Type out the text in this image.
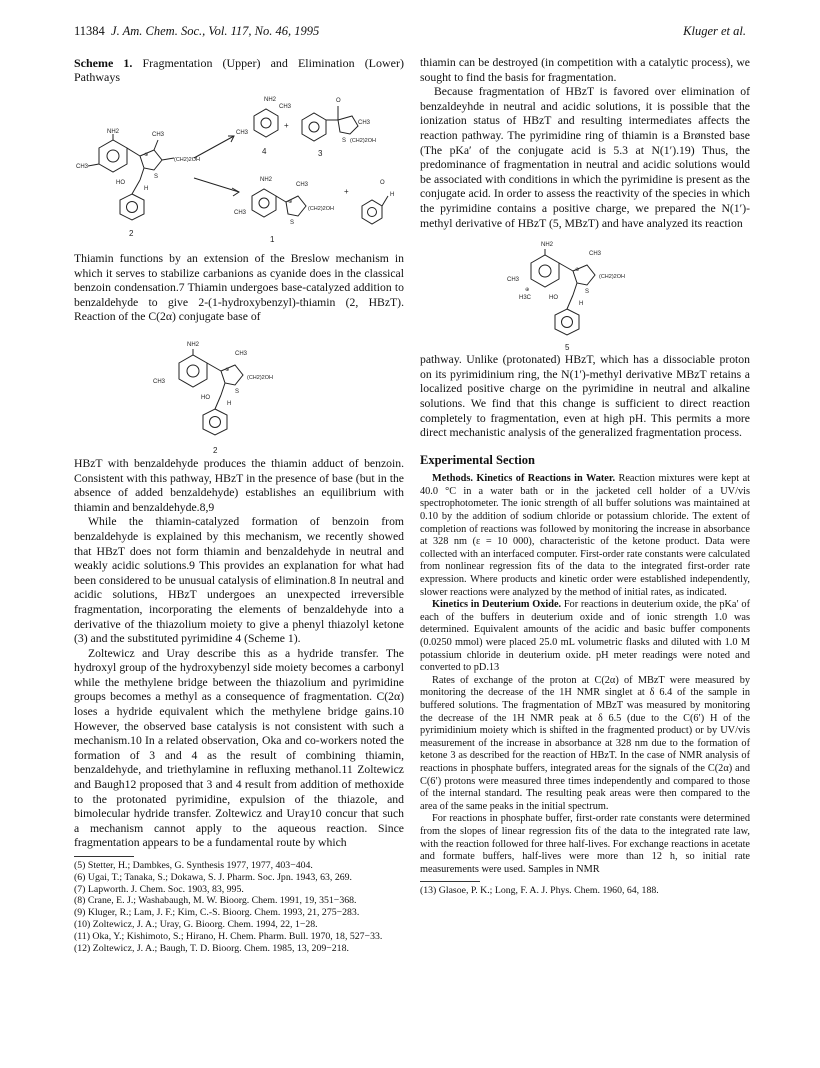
11384 J. Am. Chem. Soc., Vol. 117, No. 46, 1995	Kluger et al.
Scheme 1. Fragmentation (Upper) and Elimination (Lower) Pathways
NH2
CH3
⊕
CH3
(CH2)2OH
S
HO
H
2
NH2
CH3
CH3
+
4
O
CH3
(CH2)2OH
S
3
NH2
CH3
⊕
CH3
(CH2)2OH
S
+
1
O
H

Thiamin functions by an extension of the Breslow mechanism in which it serves to stabilize carbanions as cyanide does in the classical benzoin condensation.7 Thiamin undergoes base-catalyzed addition to benzaldehyde to give 2-(1-hydroxybenzyl)-thiamin (2, HBzT). Reaction of the C(2α) conjugate base of

NH2
CH3
⊕
CH3
(CH2)2OH
S
HO
H
2

HBzT with benzaldehyde produces the thiamin adduct of benzoin. Consistent with this pathway, HBzT in the presence of base (but in the absence of added benzaldehyde) establishes an equilibrium with thiamin and benzaldehyde.8,9

While the thiamin-catalyzed formation of benzoin from benzaldehyde is explained by this mechanism, we recently showed that HBzT does not form thiamin and benzaldehyde in neutral and weakly acidic solutions.9 This provides an explanation for what had been considered to be unusual catalysis of elimination.8 In neutral and acidic solutions, HBzT undergoes an unexpected irreversible fragmentation, incorporating the elements of benzaldehyde into a derivative of the thiazolium moiety to give a phenyl thiazolyl ketone (3) and the substituted pyrimidine 4 (Scheme 1).

Zoltewicz and Uray describe this as a hydride transfer. The hydroxyl group of the hydroxybenzyl side moiety becomes a carbonyl while the methylene bridge between the thiazolium and pyrimidine groups becomes a methyl as a consequence of fragmentation. C(2α) loses a hydride equivalent which the methylene bridge gains.10 However, the observed base catalysis is not consistent with such a mechanism.10 In a related observation, Oka and co-workers noted the formation of 3 and 4 as the result of combining thiamin, benzaldehyde, and triethylamine in refluxing methanol.11 Zoltewicz and Baugh12 proposed that 3 and 4 result from addition of methoxide to the protonated pyrimidine, expulsion of the thiazole, and bimolecular hydride transfer. Zoltewicz and Uray10 concur that such a mechanism cannot apply to the aqueous reaction. Since fragmentation appears to be a fundamental route by which

(5) Stetter, H.; Dambkes, G. Synthesis 1977, 1977, 403−404.
(6) Ugai, T.; Tanaka, S.; Dokawa, S. J. Pharm. Soc. Jpn. 1943, 63, 269.
(7) Lapworth. J. Chem. Soc. 1903, 83, 995.
(8) Crane, E. J.; Washabaugh, M. W. Bioorg. Chem. 1991, 19, 351−368.
(9) Kluger, R.; Lam, J. F.; Kim, C.-S. Bioorg. Chem. 1993, 21, 275−283.
(10) Zoltewicz, J. A.; Uray, G. Bioorg. Chem. 1994, 22, 1−28.
(11) Oka, Y.; Kishimoto, S.; Hirano, H. Chem. Pharm. Bull. 1970, 18, 527−33.
(12) Zoltewicz, J. A.; Baugh, T. D. Bioorg. Chem. 1985, 13, 209−218.

thiamin can be destroyed (in competition with a catalytic process), we sought to find the basis for fragmentation.

Because fragmentation of HBzT is favored over elimination of benzaldeyhde in neutral and acidic solutions, it is possible that the ionization status of HBzT and resulting intermediates affects the reaction pathway. The pyrimidine ring of thiamin is a Brønsted base (The pKa′ of the conjugate acid is 5.3 at N(1′).19) Thus, the predominance of fragmentation in neutral and acidic solutions would be associated with conditions in which the pyrimidine is present as the conjugate acid. In order to assess the reactivity of the species in which the pyrimidine contains a positive charge, we prepared the N(1′)-methyl derivative of HBzT (5, MBzT) and have analyzed its reaction

NH2
CH3
⊕
H3C
⊕
CH3
(CH2)2OH
S
HO
H
5

pathway. Unlike (protonated) HBzT, which has a dissociable proton on its pyrimidinium ring, the N(1′)-methyl derivative MBzT retains a localized positive charge on the pyrimidine in neutral and alkaline solutions. We find that this change is sufficient to direct reaction completely to fragmentation, even at high pH. This permits a more direct mechanistic analysis of the generalized fragmentation process.

Experimental Section

Methods. Kinetics of Reactions in Water. Reaction mixtures were kept at 40.0 °C in a water bath or in the jacketed cell holder of a UV/vis spectrophotometer. The ionic strength of all buffer solutions was maintained at 0.10 by the addition of sodium chloride or potassium chloride. The extent of completion of reactions was followed by monitoring the increase in absorbance at 328 nm (ε = 10 000), characteristic of the ketone product. Data were collected with an interfaced computer. First-order rate constants were calculated from nonlinear regression fits of the data to the integrated first-order rate expression. Where products and kinetic order were established independently, slower reactions were analyzed by the method of initial rates, as indicated.

Kinetics in Deuterium Oxide. For reactions in deuterium oxide, the pKa′ of each of the buffers in deuterium oxide and of ionic strength 1.0 was determined. Equivalent amounts of the acidic and basic buffer components (0.0250 mmol) were placed 25.0 mL volumetric flasks and diluted with 1.0 M potassium chloride in deuterium oxide. pH meter readings were noted and converted to pD.13

Rates of exchange of the proton at C(2α) of MBzT were measured by monitoring the decrease of the 1H NMR singlet at δ 6.4 of the sample in buffered solutions. The fragmentation of MBzT was measured by monitoring the decrease of the 1H NMR peak at δ 6.5 (due to the C(6′) H of the pyrimidinium moiety which is shifted in the fragmented product) or by UV/vis measurement of the increase in absorbance at 328 nm due to the formation of ketone 3 as described for the reaction of HBzT. In the case of NMR analysis of reactions in phosphate buffers, integrated areas for the signals of the C(2α) and C(6′) protons were measured three times independently and compared to those of the internal standard. The resulting peak areas were then compared to the area of the same peaks in the initial spectrum.

For reactions in phosphate buffer, first-order rate constants were determined from the slopes of linear regression fits of the data to the integrated rate law, with the reaction followed for three half-lives. For exchange reactions in acetate and formate buffers, half-lives were more than 12 h, so initial rate measurements were used. Samples in NMR

(13) Glasoe, P. K.; Long, F. A. J. Phys. Chem. 1960, 64, 188.
